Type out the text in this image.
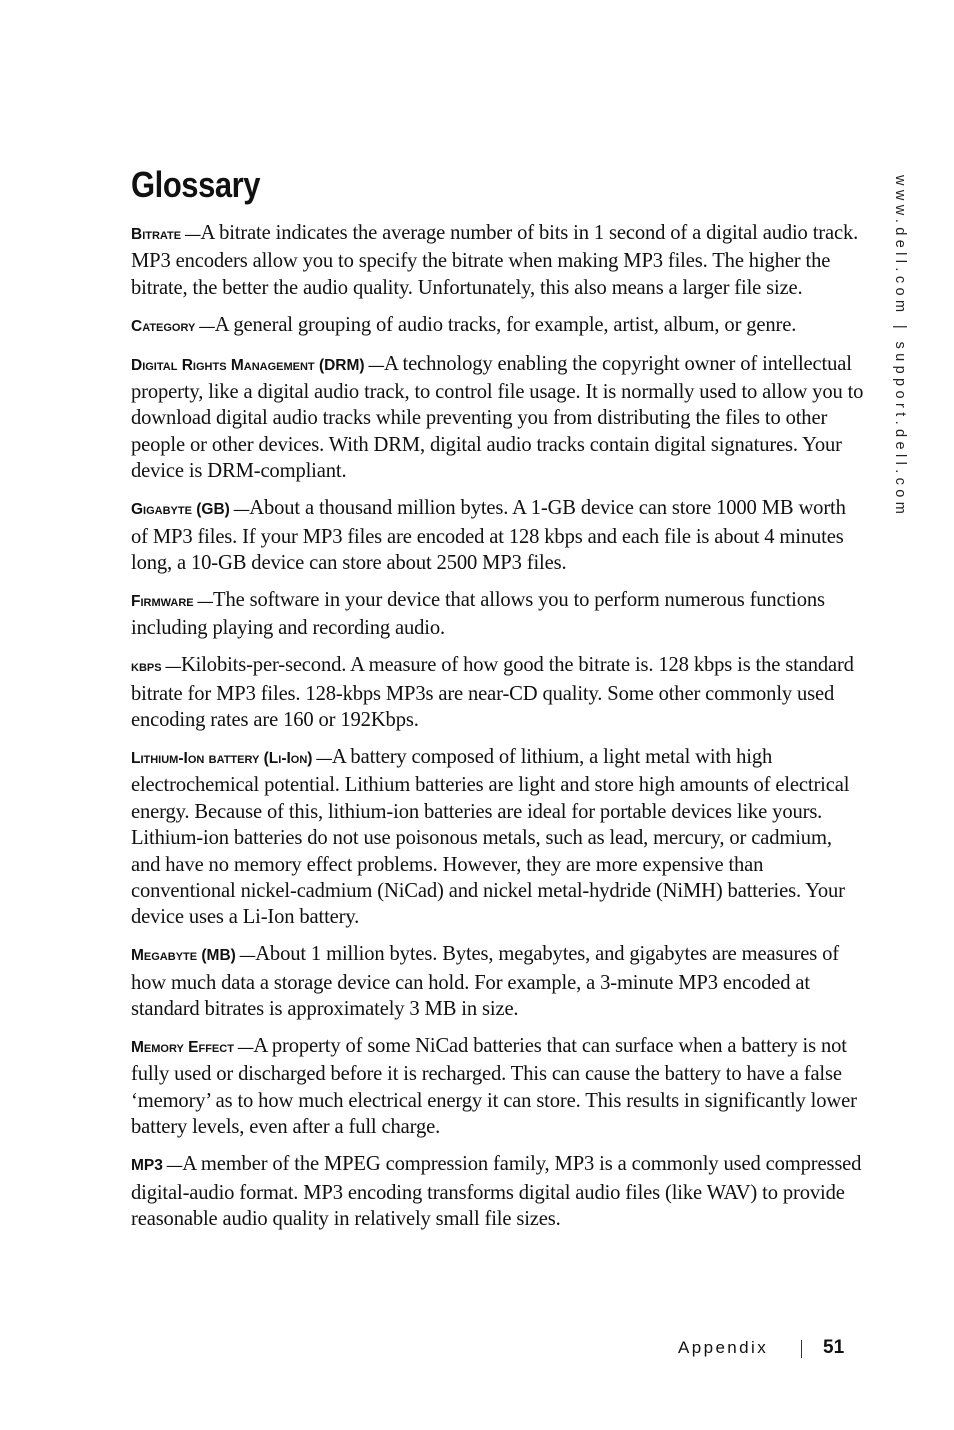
Glossary

Bitrate —A bitrate indicates the average number of bits in 1 second of a digital audio track. MP3 encoders allow you to specify the bitrate when making MP3 files. The higher the bitrate, the better the audio quality. Unfortunately, this also means a larger file size.

Category —A general grouping of audio tracks, for example, artist, album, or genre.

Digital Rights Management (DRM) —A technology enabling the copyright owner of intellectual property, like a digital audio track, to control file usage. It is normally used to allow you to download digital audio tracks while preventing you from distributing the files to other people or other devices. With DRM, digital audio tracks contain digital signatures. Your device is DRM-compliant.

Gigabyte (GB) —About a thousand million bytes. A 1-GB device can store 1000 MB worth of MP3 files. If your MP3 files are encoded at 128 kbps and each file is about 4 minutes long, a 10-GB device can store about 2500 MP3 files.

Firmware —The software in your device that allows you to perform numerous functions including playing and recording audio.

kbps —Kilobits-per-second. A measure of how good the bitrate is. 128 kbps is the standard bitrate for MP3 files. 128-kbps MP3s are near-CD quality. Some other commonly used encoding rates are 160 or 192Kbps.

Lithium-Ion battery (Li-Ion) —A battery composed of lithium, a light metal with high electrochemical potential. Lithium batteries are light and store high amounts of electrical energy. Because of this, lithium-ion batteries are ideal for portable devices like yours. Lithium-ion batteries do not use poisonous metals, such as lead, mercury, or cadmium, and have no memory effect problems. However, they are more expensive than conventional nickel-cadmium (NiCad) and nickel metal-hydride (NiMH) batteries. Your device uses a Li-Ion battery.

Megabyte (MB) —About 1 million bytes. Bytes, megabytes, and gigabytes are measures of how much data a storage device can hold. For example, a 3-minute MP3 encoded at standard bitrates is approximately 3 MB in size.

Memory Effect —A property of some NiCad batteries that can surface when a battery is not fully used or discharged before it is recharged. This can cause the battery to have a false ‘memory’ as to how much electrical energy it can store. This results in significantly lower battery levels, even after a full charge.

MP3 —A member of the MPEG compression family, MP3 is a commonly used compressed digital-audio format. MP3 encoding transforms digital audio files (like WAV) to provide reasonable audio quality in relatively small file sizes.

www.dell.com | support.dell.com
Appendix	51
